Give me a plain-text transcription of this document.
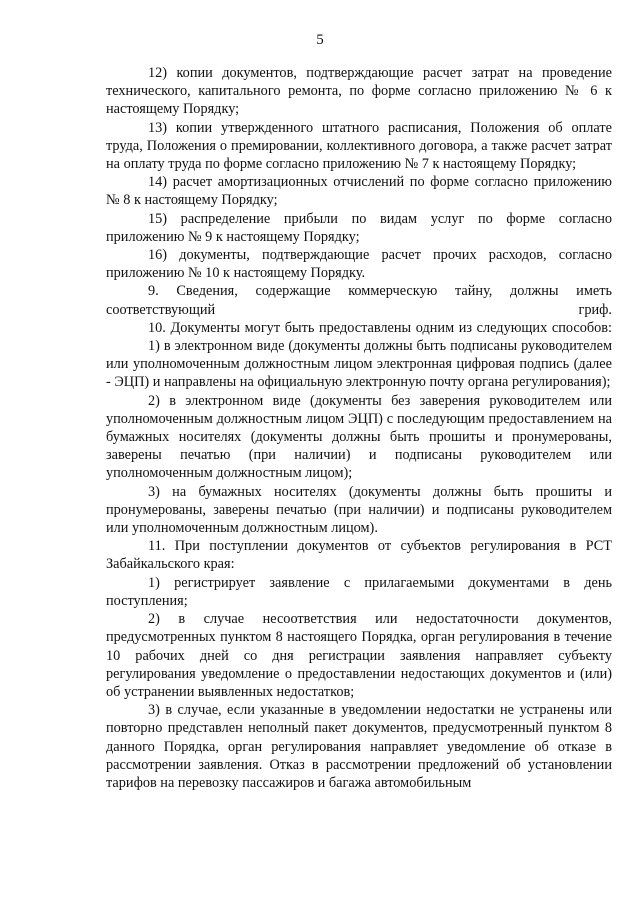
5

12) копии документов, подтверждающие расчет затрат на проведение технического, капитального ремонта, по форме согласно приложению № 6 к настоящему Порядку;

13) копии утвержденного штатного расписания, Положения об оплате труда, Положения о премировании, коллективного договора, а также расчет затрат на оплату труда по форме согласно приложению № 7 к настоящему Порядку;

14) расчет амортизационных отчислений по форме согласно приложению № 8 к настоящему Порядку;

15) распределение прибыли по видам услуг по форме согласно приложению № 9 к настоящему Порядку;

16) документы, подтверждающие расчет прочих расходов, согласно приложению № 10 к настоящему Порядку.

9. Сведения, содержащие коммерческую тайну, должны иметь соответствующий гриф.

10. Документы могут быть предоставлены одним из следующих способов:

1) в электронном виде (документы должны быть подписаны руководителем или уполномоченным должностным лицом электронная цифровая подпись (далее - ЭЦП) и направлены на официальную электронную почту органа регулирования);

2) в электронном виде (документы без заверения руководителем или уполномоченным должностным лицом ЭЦП) с последующим предоставлением на бумажных носителях (документы должны быть прошиты и пронумерованы, заверены печатью (при наличии) и подписаны руководителем или уполномоченным должностным лицом);

3) на бумажных носителях (документы должны быть прошиты и пронумерованы, заверены печатью (при наличии) и подписаны руководителем или уполномоченным должностным лицом).

11. При поступлении документов от субъектов регулирования в РСТ Забайкальского края:

1) регистрирует заявление с прилагаемыми документами в день поступления;

2) в случае несоответствия или недостаточности документов, предусмотренных пунктом 8 настоящего Порядка, орган регулирования в течение 10 рабочих дней со дня регистрации заявления направляет субъекту регулирования уведомление о предоставлении недостающих документов и (или) об устранении выявленных недостатков;

3) в случае, если указанные в уведомлении недостатки не устранены или повторно представлен неполный пакет документов, предусмотренный пунктом 8 данного Порядка, орган регулирования направляет уведомление об отказе в рассмотрении заявления. Отказ в рассмотрении предложений об установлении тарифов на перевозку пассажиров и багажа автомобильным
